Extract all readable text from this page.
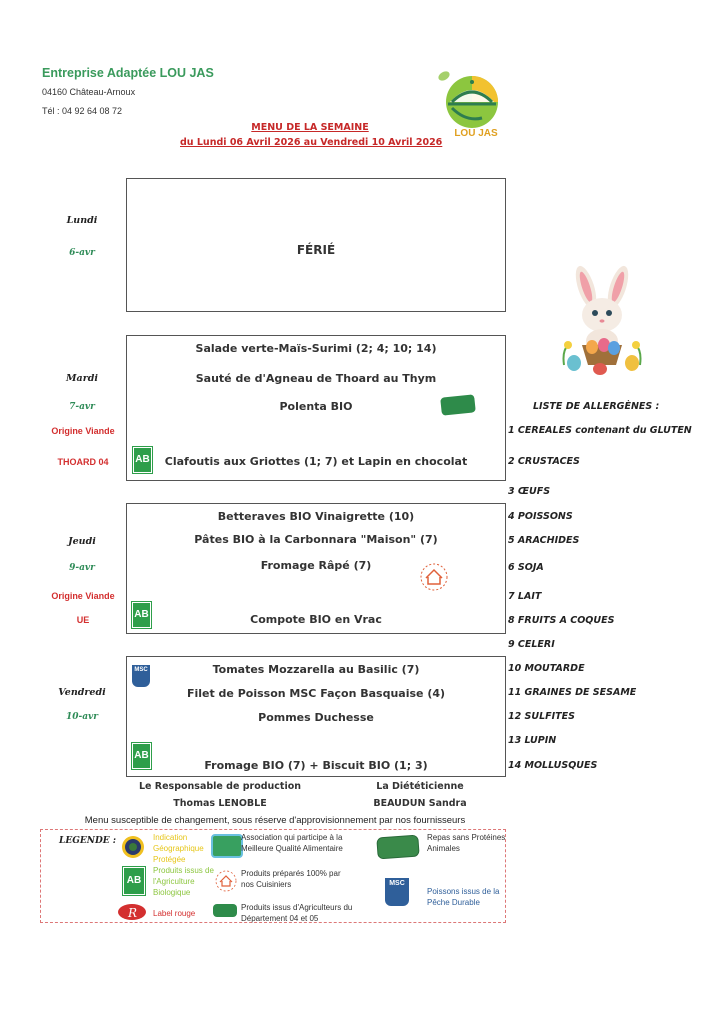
Entreprise Adaptée LOU JAS
04160 Château-Arnoux
Tél : 04 92 64 08 72
MENU DE LA SEMAINE
du Lundi 06 Avril 2026 au Vendredi 10 Avril 2026
LOU JAS
Lundi
6-avr	FÉRIÉ
Mardi
7-avr
Origine Viande
THOARD 04
Salade verte-Maïs-Surimi (2; 4; 10; 14)
Sauté de d'Agneau de Thoard au Thym
Polenta BIO
Clafoutis aux Griottes (1; 7) et Lapin en chocolat
AB
Jeudi
9-avr
Origine Viande
UE
Betteraves BIO Vinaigrette (10)
Pâtes BIO à la Carbonnara "Maison" (7)
Fromage Râpé (7)
Compote BIO en Vrac
AB
Vendredi
10-avr
Tomates Mozzarella au Basilic (7)
Filet de Poisson MSC Façon Basquaise (4)
Pommes Duchesse
Fromage BIO (7) + Biscuit BIO (1; 3)
MSC
AB
LISTE DE ALLERGÈNES :
1 CEREALES contenant du GLUTEN
2 CRUSTACES
3 ŒUFS
4 POISSONS
5 ARACHIDES
6 SOJA
7 LAIT
8 FRUITS A COQUES
9 CELERI
10 MOUTARDE
11 GRAINES DE SESAME
12 SULFITES
13 LUPIN
14 MOLLUSQUES
Le Responsable de production
Thomas LENOBLE
La Diététicienne
BEAUDUN Sandra
Menu susceptible de changement, sous réserve d'approvisionnement par nos fournisseurs
LEGENDE :	Indication Géographique Protégée
AB
Produits issus de l'Agriculture Biologique
R Label rouge
Association qui participe à la Meilleure Qualité Alimentaire
Produits préparés 100% par nos Cuisiniers
Produits issus d'Agriculteurs du Département 04 et 05
Repas sans Protéines Animales
MSC
Poissons issus de la Pêche Durable
